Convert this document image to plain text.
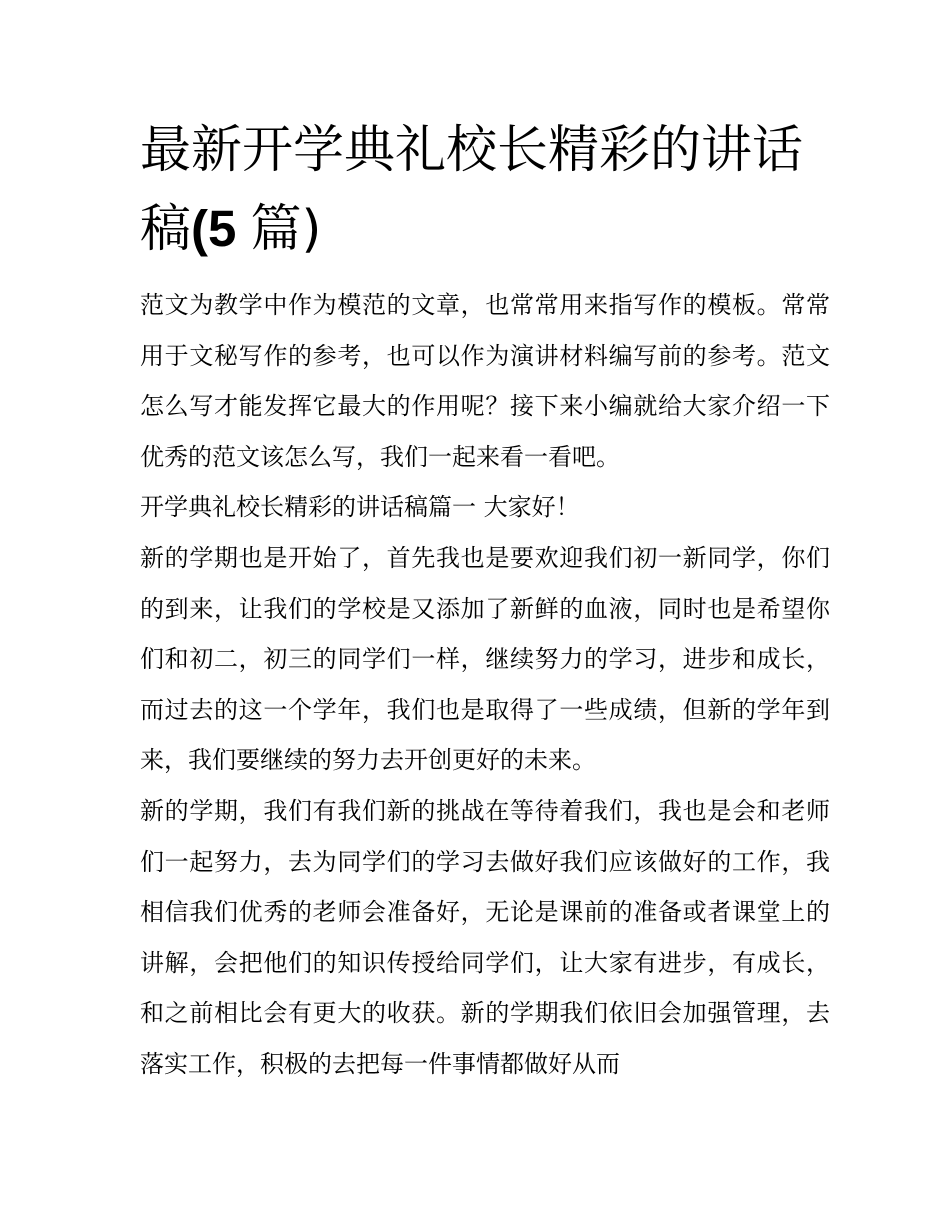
最新开学典礼校长精彩的讲话稿(5 篇)

范文为教学中作为模范的文章，也常常用来指写作的模板。常常用于文秘写作的参考，也可以作为演讲材料编写前的参考。范文怎么写才能发挥它最大的作用呢？接下来小编就给大家介绍一下优秀的范文该怎么写，我们一起来看一看吧。

开学典礼校长精彩的讲话稿篇一 大家好！

新的学期也是开始了，首先我也是要欢迎我们初一新同学，你们的到来，让我们的学校是又添加了新鲜的血液，同时也是希望你们和初二，初三的同学们一样，继续努力的学习，进步和成长，而过去的这一个学年，我们也是取得了一些成绩，但新的学年到来，我们要继续的努力去开创更好的未来。

新的学期，我们有我们新的挑战在等待着我们，我也是会和老师们一起努力，去为同学们的学习去做好我们应该做好的工作，我相信我们优秀的老师会准备好，无论是课前的准备或者课堂上的讲解，会把他们的知识传授给同学们，让大家有进步，有成长，和之前相比会有更大的收获。新的学期我们依旧会加强管理，去落实工作，积极的去把每一件事情都做好从而
